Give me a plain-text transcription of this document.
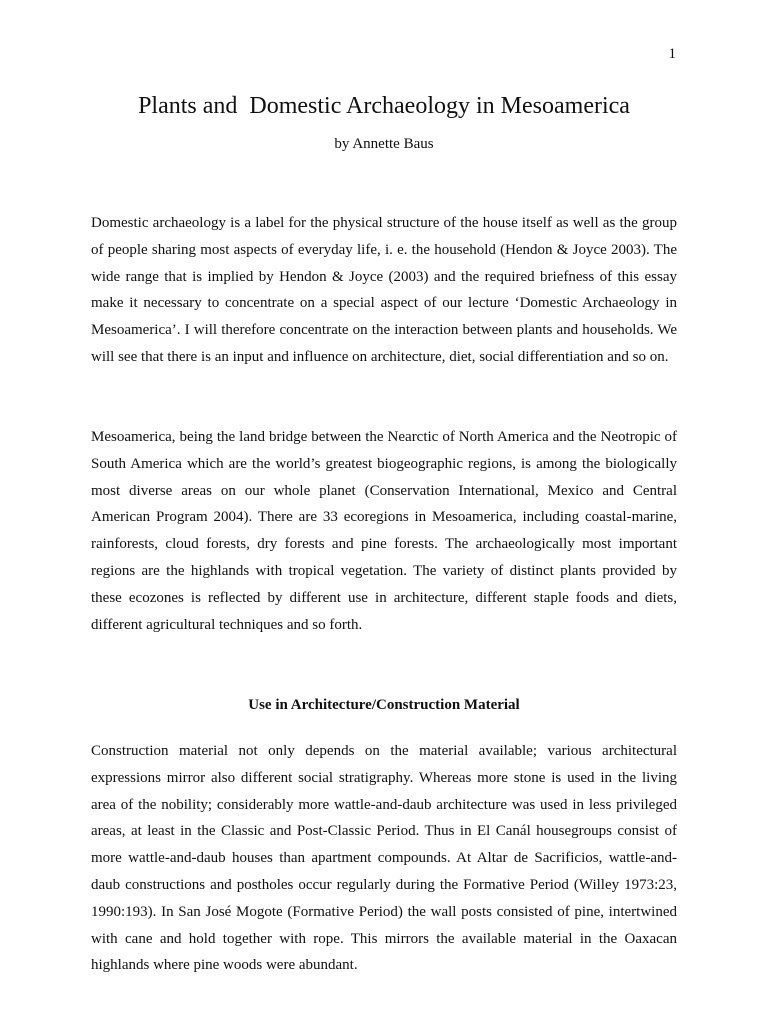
1
Plants and  Domestic Archaeology in Mesoamerica
by Annette Baus

Domestic archaeology is a label for the physical structure of the house itself as well as the group of people sharing most aspects of everyday life, i. e. the household (Hendon & Joyce 2003). The wide range that is implied by Hendon & Joyce (2003) and the required briefness of this essay make it necessary to concentrate on a special aspect of our lecture ‘Domestic Archaeology in Mesoamerica’. I will therefore concentrate on the interaction between plants and households. We will see that there is an input and influence on architecture, diet, social differentiation and so on.

Mesoamerica, being the land bridge between the Nearctic of North America and the Neotropic of South America which are the world’s greatest biogeographic regions, is among the biologically most diverse areas on our whole planet (Conservation International, Mexico and Central American Program 2004). There are 33 ecoregions in Mesoamerica, including coastal-marine, rainforests, cloud forests, dry forests and pine forests. The archaeologically most important regions are the highlands with tropical vegetation. The variety of distinct plants provided by these ecozones is reflected by different use in architecture, different staple foods and diets, different agricultural techniques and so forth.

Use in Architecture/Construction Material

Construction material not only depends on the material available; various architectural expressions mirror also different social stratigraphy. Whereas more stone is used in the living area of the nobility; considerably more wattle-and-daub architecture was used in less privileged areas, at least in the Classic and Post-Classic Period. Thus in El Canál housegroups consist of more wattle-and-daub houses than apartment compounds. At Altar de Sacrificios, wattle-and-daub constructions and postholes occur regularly during the Formative Period (Willey 1973:23, 1990:193). In San José Mogote (Formative Period) the wall posts consisted of pine, intertwined with cane and hold together with rope. This mirrors the available material in the Oaxacan highlands where pine woods were abundant.
